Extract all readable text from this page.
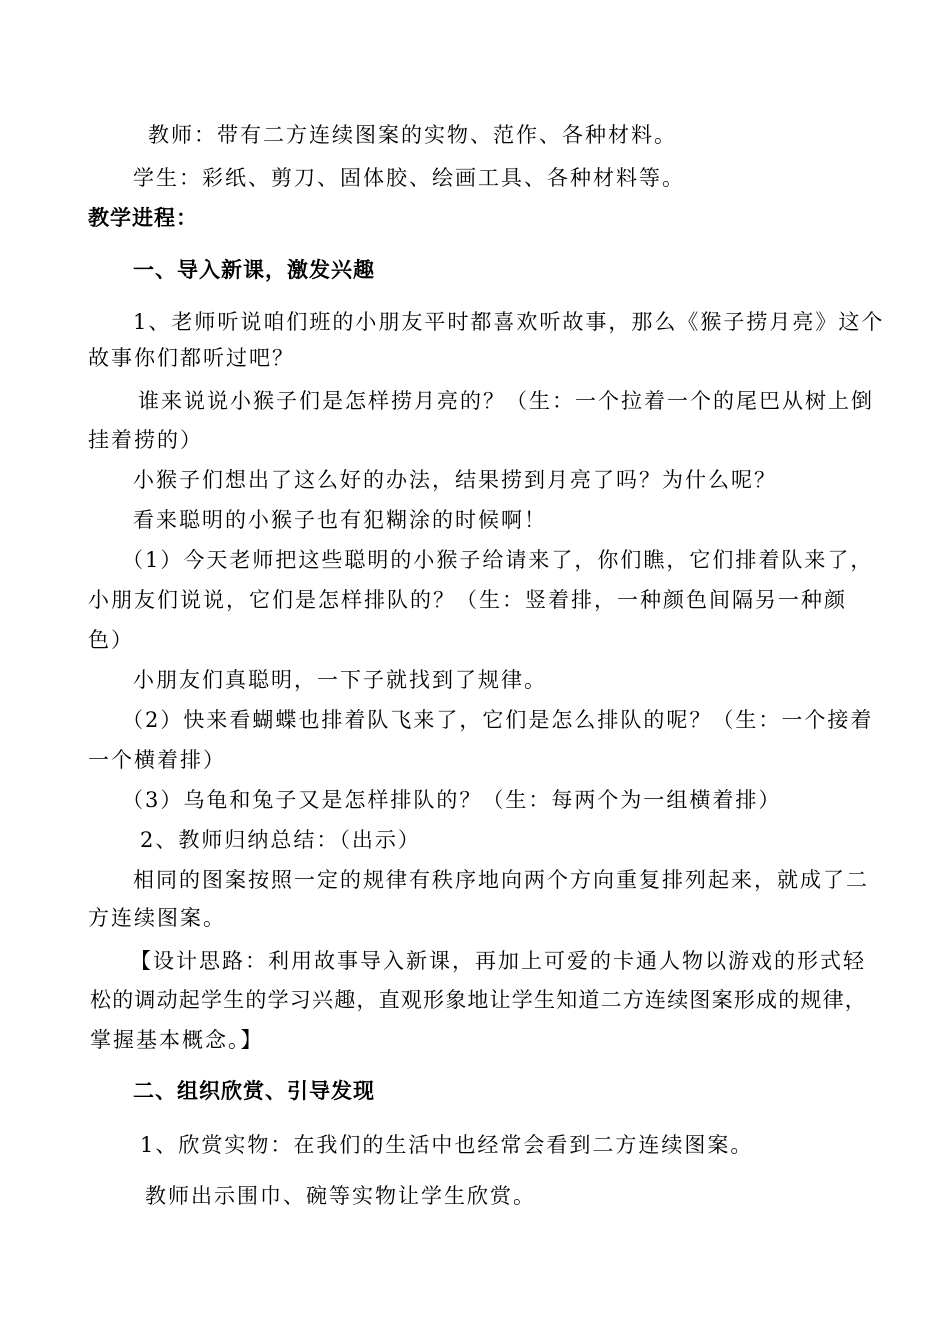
教师：带有二方连续图案的实物、范作、各种材料。
学生：彩纸、剪刀、固体胶、绘画工具、各种材料等。
教学进程：
一、导入新课，激发兴趣
1、老师听说咱们班的小朋友平时都喜欢听故事，那么《猴子捞月亮》这个
故事你们都听过吧？
谁来说说小猴子们是怎样捞月亮的？（生：一个拉着一个的尾巴从树上倒
挂着捞的）
小猴子们想出了这么好的办法，结果捞到月亮了吗？为什么呢？
看来聪明的小猴子也有犯糊涂的时候啊！
（1）今天老师把这些聪明的小猴子给请来了，你们瞧，它们排着队来了，
小朋友们说说，它们是怎样排队的？（生：竖着排，一种颜色间隔另一种颜
色）
小朋友们真聪明，一下子就找到了规律。
（2）快来看蝴蝶也排着队飞来了，它们是怎么排队的呢？（生：一个接着
一个横着排）
（3）乌龟和兔子又是怎样排队的？（生：每两个为一组横着排）
2、教师归纳总结：（出示）
相同的图案按照一定的规律有秩序地向两个方向重复排列起来，就成了二
方连续图案。
【设计思路：利用故事导入新课，再加上可爱的卡通人物以游戏的形式轻
松的调动起学生的学习兴趣，直观形象地让学生知道二方连续图案形成的规律，
掌握基本概念。】
二、组织欣赏、引导发现
1、欣赏实物：在我们的生活中也经常会看到二方连续图案。
教师出示围巾、碗等实物让学生欣赏。
